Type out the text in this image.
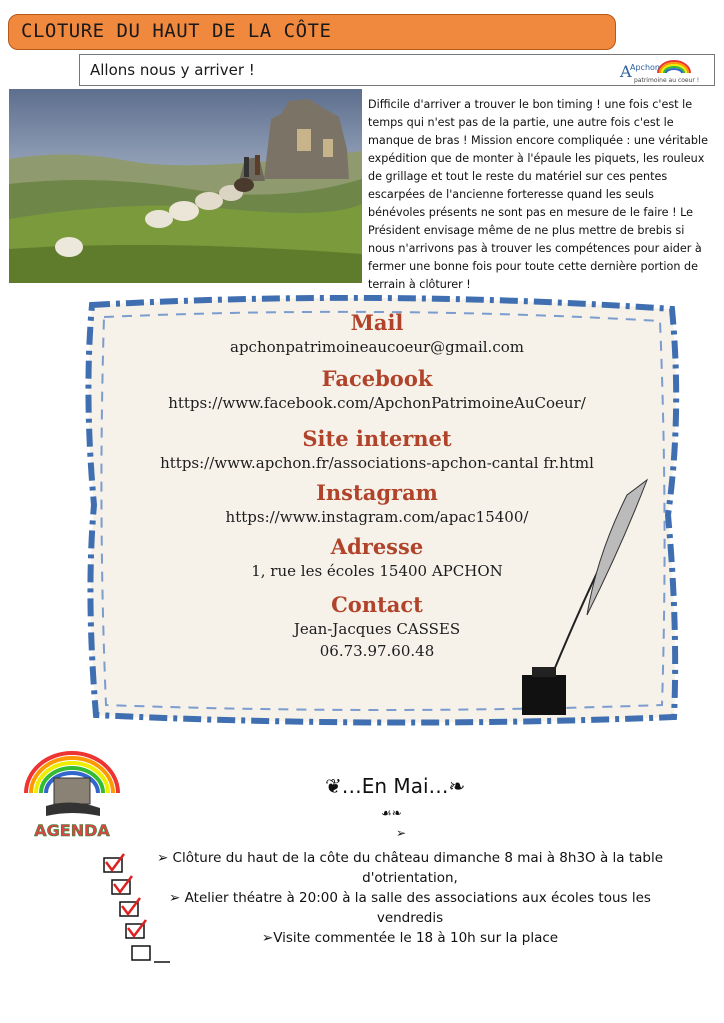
CLOTURE DU HAUT DE LA CÔTE
Allons nous y arriver !	A
Apchon
patrimoine au coeur !
Difficile d'arriver a trouver le bon timing ! une fois c'est le temps qui n'est pas de la partie, une autre fois c'est le manque de bras ! Mission encore compliquée : une véritable expédition que de monter à l'épaule les piquets, les rouleux de grillage et tout le reste du matériel sur ces pentes escarpées de l'ancienne forteresse quand les seuls bénévoles présents ne sont pas en mesure de le faire ! Le Président envisage même de ne plus mettre de brebis si nous n'arrivons pas à trouver les compétences pour aider à fermer une bonne fois pour toute cette dernière portion de terrain à clôturer !
Mail
apchonpatrimoineaucoeur@gmail.com
Facebook
https://www.facebook.com/ApchonPatrimoineAuCoeur/
Site internet
https://www.apchon.fr/associations-apchon-cantal fr.html
Instagram
https://www.instagram.com/apac15400/
Adresse
1, rue les écoles 15400 APCHON
Contact
Jean-Jacques CASSES
06.73.97.60.48
AGENDA
❦…En Mai…❧
☙❧
➢
➢ Clôture du haut de la côte du château dimanche 8 mai à 8h3O à la table d'otrientation,
➢ Atelier théatre à 20:00 à la salle des associations aux écoles tous les vendredis
➢Visite commentée le 18 à 10h sur la place
